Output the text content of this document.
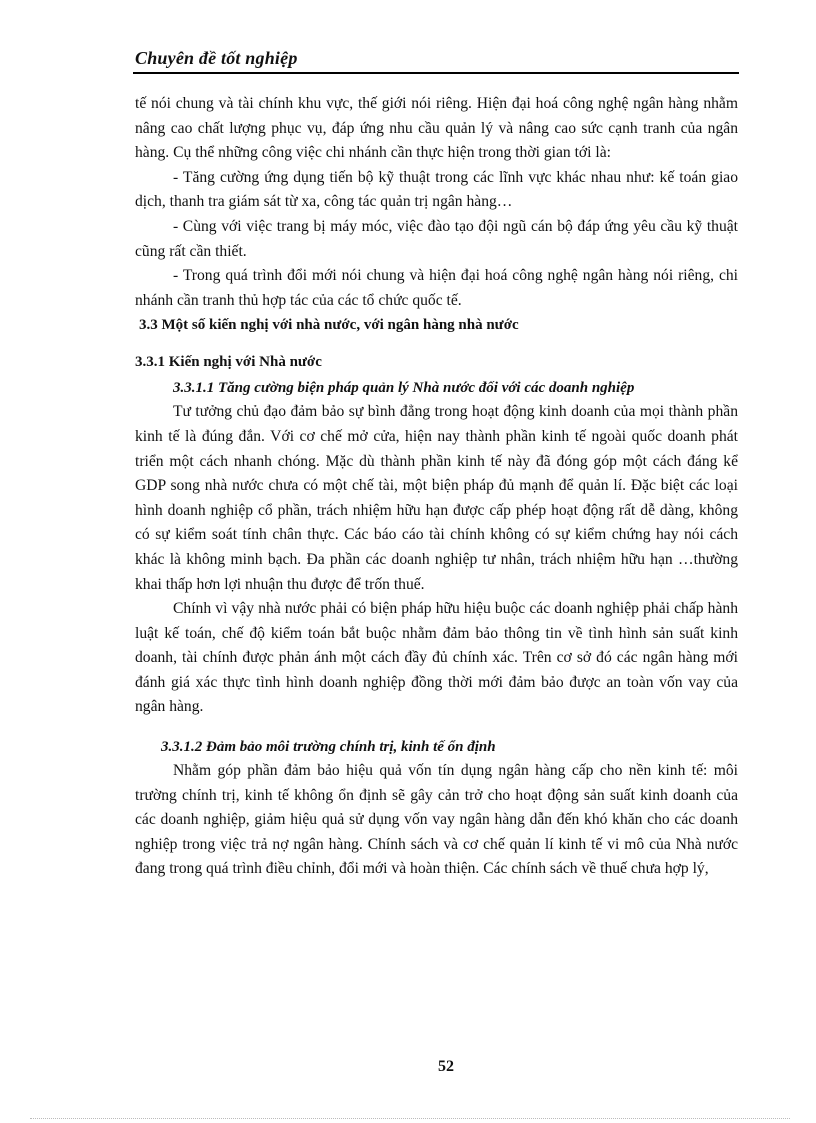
Chuyên đề tốt nghiệp

tế nói chung và tài chính khu vực, thế giới nói riêng. Hiện đại hoá công nghệ ngân hàng nhằm nâng cao chất lượng phục vụ, đáp ứng nhu cầu quản lý và nâng cao sức cạnh tranh của ngân hàng. Cụ thể những công việc chi nhánh cần thực hiện trong thời gian tới là:

- Tăng cường ứng dụng tiến bộ kỹ thuật trong các lĩnh vực khác nhau như: kế toán giao dịch, thanh tra giám sát từ xa, công tác quản trị ngân hàng…

- Cùng với việc trang bị máy móc, việc đào tạo đội ngũ cán bộ đáp ứng yêu cầu kỹ thuật cũng rất cần thiết.

- Trong quá trình đổi mới nói chung và hiện đại hoá công nghệ ngân hàng nói riêng, chi nhánh cần tranh thủ hợp tác của các tổ chức quốc tế.

3.3 Một số kiến nghị với nhà nước, với ngân hàng nhà nước
3.3.1 Kiến nghị với Nhà nước
3.3.1.1 Tăng cường biện pháp quản lý Nhà nước đối với các doanh nghiệp

Tư tưởng chủ đạo đảm bảo sự bình đẳng trong hoạt động kinh doanh của mọi thành phần kinh tế là đúng đắn. Với cơ chế mở cửa, hiện nay thành phần kinh tế ngoài quốc doanh phát triển một cách nhanh chóng. Mặc dù thành phần kinh tế này đã đóng góp một cách đáng kể GDP song nhà nước chưa có một chế tài, một biện pháp đủ mạnh để quản lí. Đặc biệt các loại hình doanh nghiệp cổ phần, trách nhiệm hữu hạn được cấp phép hoạt động rất dễ dàng, không có sự kiểm soát tính chân thực. Các báo cáo tài chính không có sự kiểm chứng hay nói cách khác là không minh bạch. Đa phần các doanh nghiệp tư nhân, trách nhiệm hữu hạn …thường khai thấp hơn lợi nhuận thu được để trốn thuế.

Chính vì vậy nhà nước phải có biện pháp hữu hiệu buộc các doanh nghiệp phải chấp hành luật kế toán, chế độ kiểm toán bắt buộc nhằm đảm bảo thông tin về tình hình sản suất kinh doanh, tài chính được phản ánh một cách đầy đủ chính xác. Trên cơ sở đó các ngân hàng mới đánh giá xác thực tình hình doanh nghiệp đồng thời mới đảm bảo được an toàn vốn vay của ngân hàng.

3.3.1.2 Đảm bảo môi trường chính trị, kinh tế ổn định

Nhằm góp phần đảm bảo hiệu quả vốn tín dụng ngân hàng cấp cho nền kinh tế: môi trường chính trị, kinh tế không ổn định sẽ gây cản trở cho hoạt động sản suất kinh doanh của các doanh nghiệp, giảm hiệu quả sử dụng vốn vay ngân hàng dẫn đến khó khăn cho các doanh nghiệp trong việc trả nợ ngân hàng. Chính sách và cơ chế quản lí kinh tế vi mô của Nhà nước đang trong quá trình điều chỉnh, đổi mới và hoàn thiện. Các chính sách về thuế chưa hợp lý,

52
